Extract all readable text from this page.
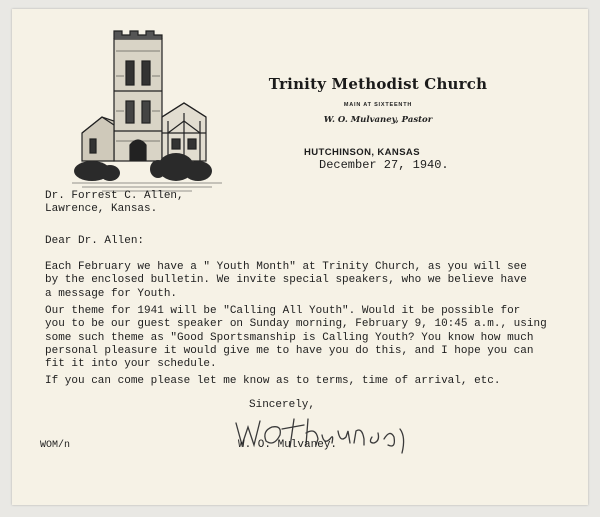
Trinity Methodist Church
MAIN AT SIXTEENTH
W. O. Mulvaney, Pastor
HUTCHINSON, KANSAS
December 27, 1940.
Dr. Forrest C. Allen,
Lawrence, Kansas.
Dear Dr. Allen:
Each February we have a " Youth Month" at Trinity Church, as you will see
by the enclosed bulletin. We invite special speakers, who we believe have
a message for Youth.
Our theme for 1941 will be "Calling All Youth". Would it be possible for
you to be our guest speaker on Sunday morning, February 9, 10:45 a.m., using
some such theme as "Good Sportsmanship is Calling Youth? You know how much
personal pleasure it would give me to have you do this, and I hope you can
fit it into your schedule.
If you can come please let me know as to terms, time of arrival, etc.
Sincerely,
W. O. Mulvaney.
WOM/n
